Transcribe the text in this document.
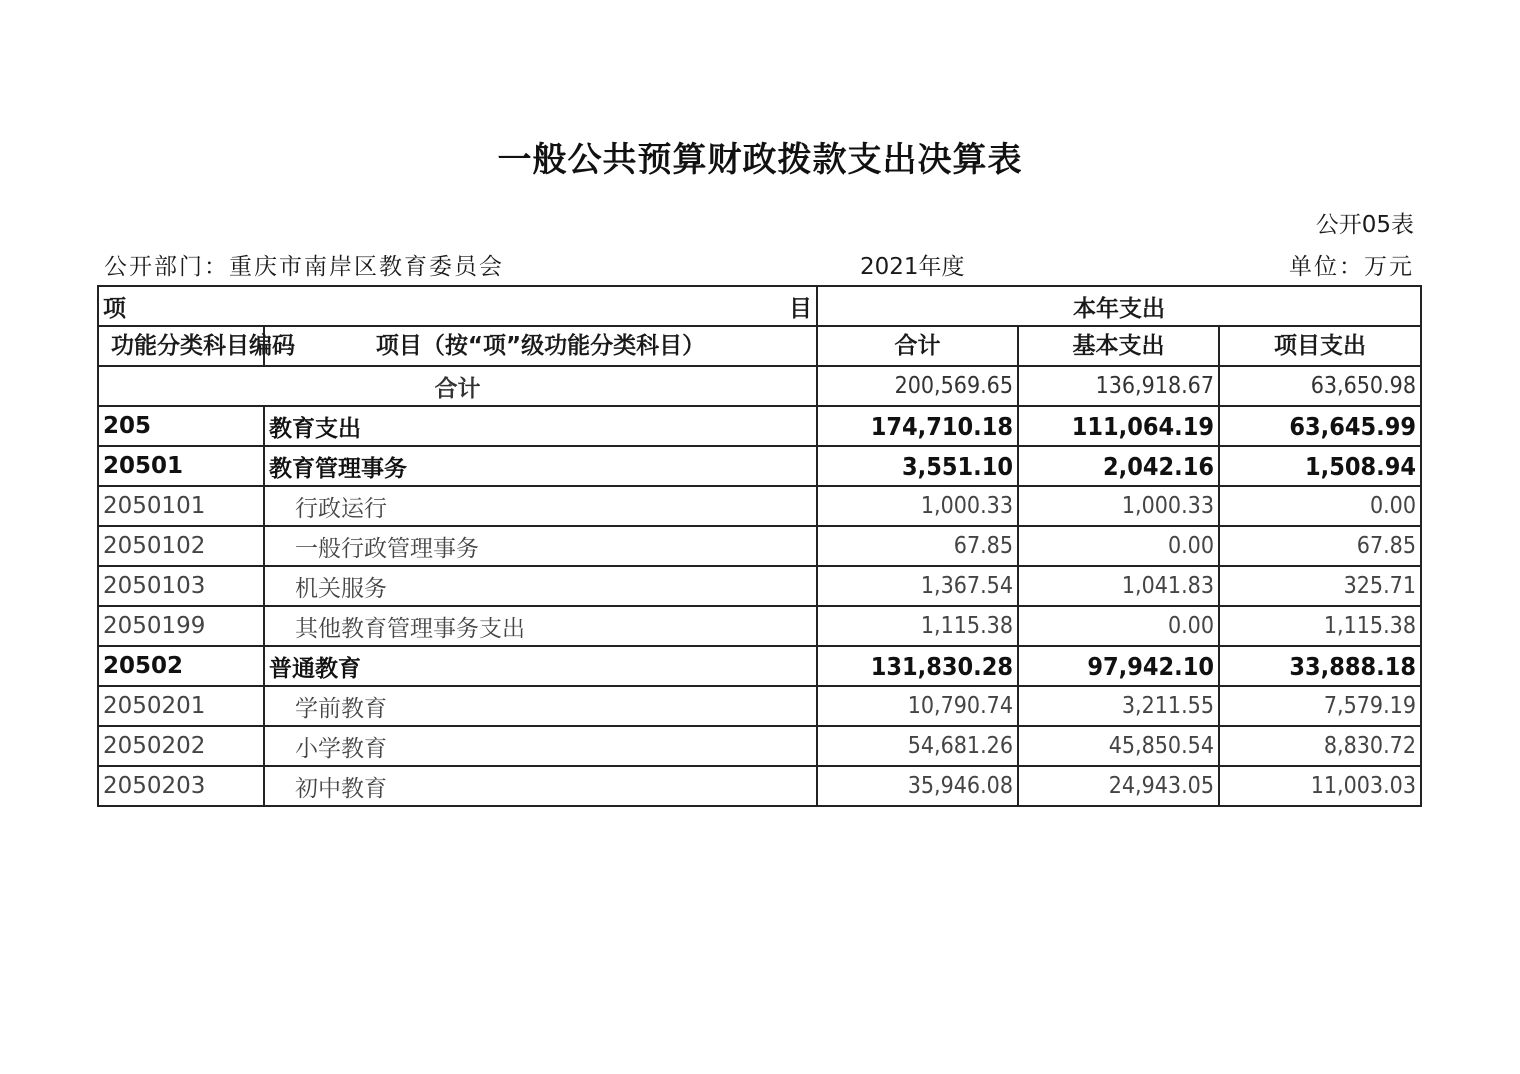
一般公共预算财政拨款支出决算表
公开05表
公开部门：重庆市南岸区教育委员会	2021年度	单位：万元
项 目		本年支出		
功能分类科目编码	项目（按“项”级功能分类科目）	合计	基本支出	项目支出
合计		200,569.65	136,918.67	63,650.98
205	教育支出	174,710.18	111,064.19	63,645.99
20501	教育管理事务	3,551.10	2,042.16	1,508.94
2050101	行政运行	1,000.33	1,000.33	0.00
2050102	一般行政管理事务	67.85	0.00	67.85
2050103	机关服务	1,367.54	1,041.83	325.71
2050199	其他教育管理事务支出	1,115.38	0.00	1,115.38
20502	普通教育	131,830.28	97,942.10	33,888.18
2050201	学前教育	10,790.74	3,211.55	7,579.19
2050202	小学教育	54,681.26	45,850.54	8,830.72
2050203	初中教育	35,946.08	24,943.05	11,003.03
